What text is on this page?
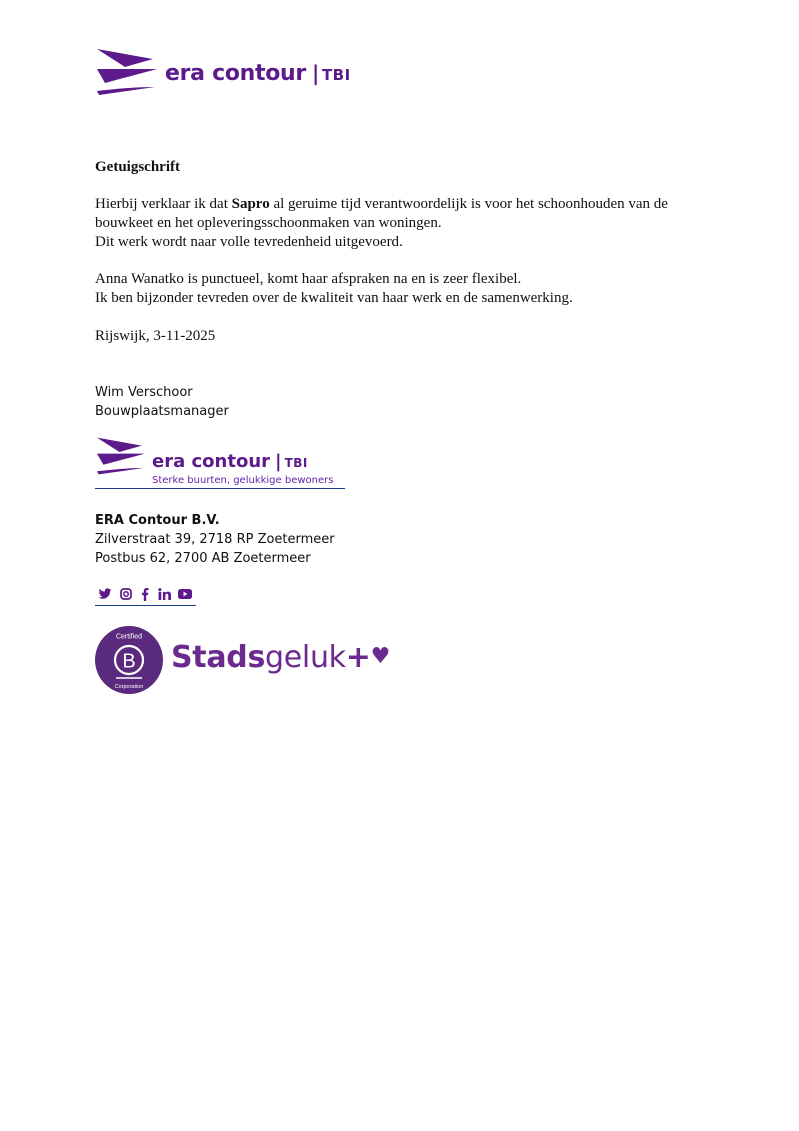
era contour | TBI
Getuigschrift
Hierbij verklaar ik dat Sapro al geruime tijd verantwoordelijk is voor het schoonhouden van de bouwkeet en het opleveringsschoonmaken van woningen.
Dit werk wordt naar volle tevredenheid uitgevoerd.
Anna Wanatko is punctueel, komt haar afspraken na en is zeer flexibel.
Ik ben bijzonder tevreden over de kwaliteit van haar werk en de samenwerking.
Rijswijk, 3-11-2025
Wim Verschoor
Bouwplaatsmanager
era contour | TBI
Sterke buurten, gelukkige bewoners
ERA Contour B.V.
Zilverstraat 39, 2718 RP Zoetermeer
Postbus 62, 2700 AB Zoetermeer
Certified
B
Corporation
Stadsgeluk+♥
